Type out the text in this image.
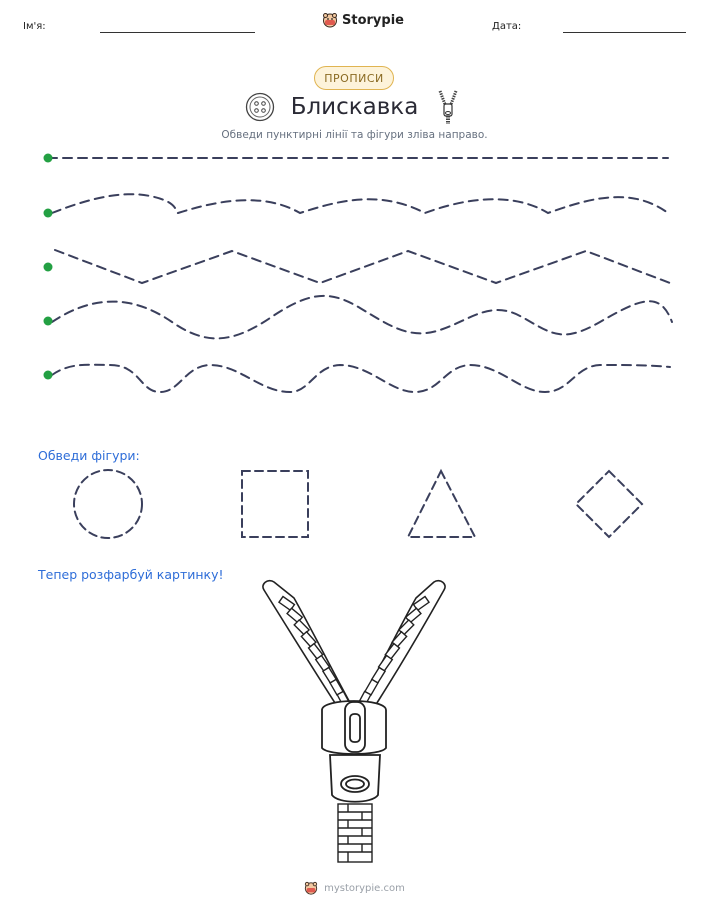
Ім'я:	Storypie	Дата:
ПРОПИСИ
Блискавка
Обведи пунктирні лінії та фігури зліва направо.
Обведи фігури:
Тепер розфарбуй картинку!
mystorypie.com
